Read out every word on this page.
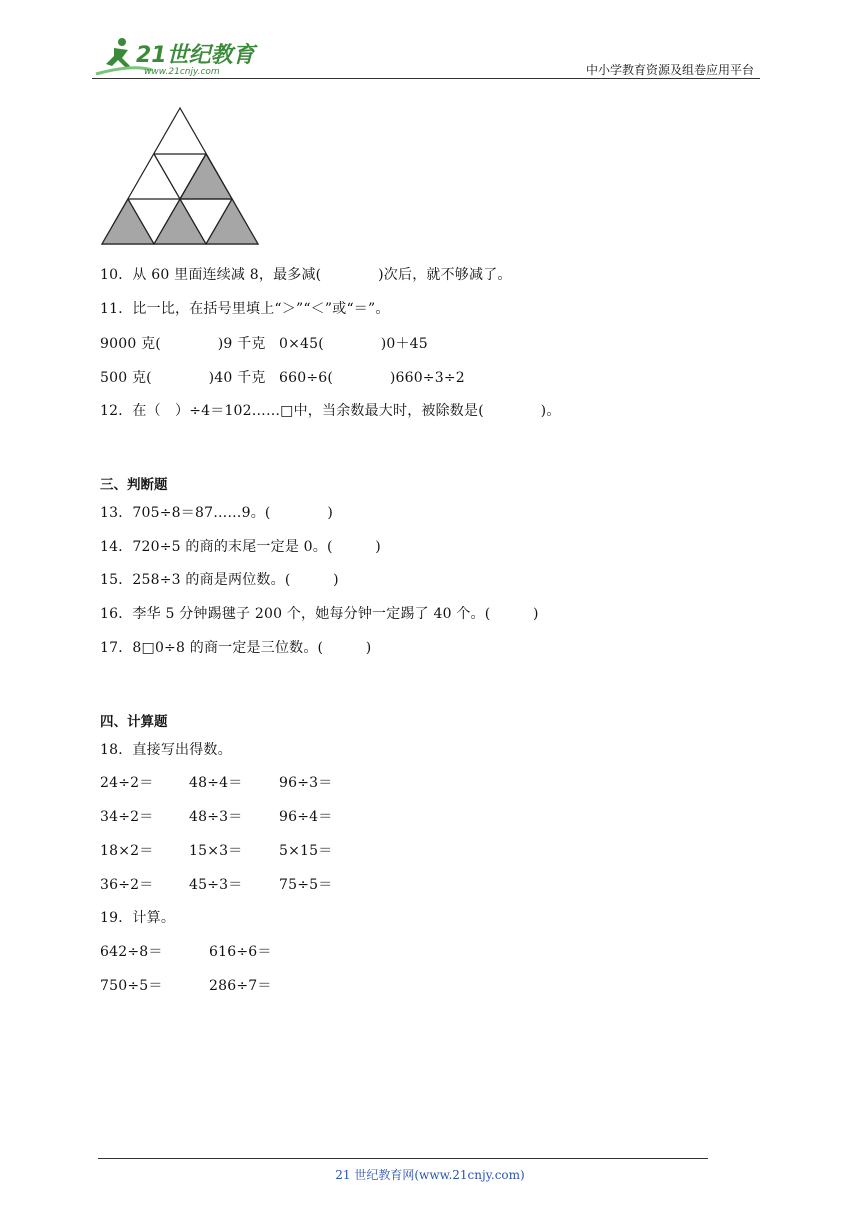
21世纪教育
www.21cnjy.com	中小学教育资源及组卷应用平台
10．从 60 里面连续减 8，最多减(　　　　)次后，就不够减了。
11．比一比，在括号里填上“＞”“＜”或“＝”。
9000 克(　　　　)9 千克 0×45(　　　　)0＋45
500 克(　　　　)40 千克 660÷6(　　　　)660÷3÷2
12．在（　）÷4＝102……□中，当余数最大时，被除数是(　　　　)。
三、判断题
13．705÷8＝87……9。(　　　　)
14．720÷5 的商的末尾一定是 0。(　　　)
15．258÷3 的商是两位数。(　　　)
16．李华 5 分钟踢毽子 200 个，她每分钟一定踢了 40 个。(　　　)
17．8□0÷8 的商一定是三位数。(　　　)
四、计算题
18．直接写出得数。
24÷2＝	48÷4＝	96÷3＝
34÷2＝	48÷3＝	96÷4＝
18×2＝	15×3＝	5×15＝
36÷2＝	45÷3＝	75÷5＝
19．计算。
642÷8＝	616÷6＝
750÷5＝	286÷7＝
21 世纪教育网(www.21cnjy.com)
